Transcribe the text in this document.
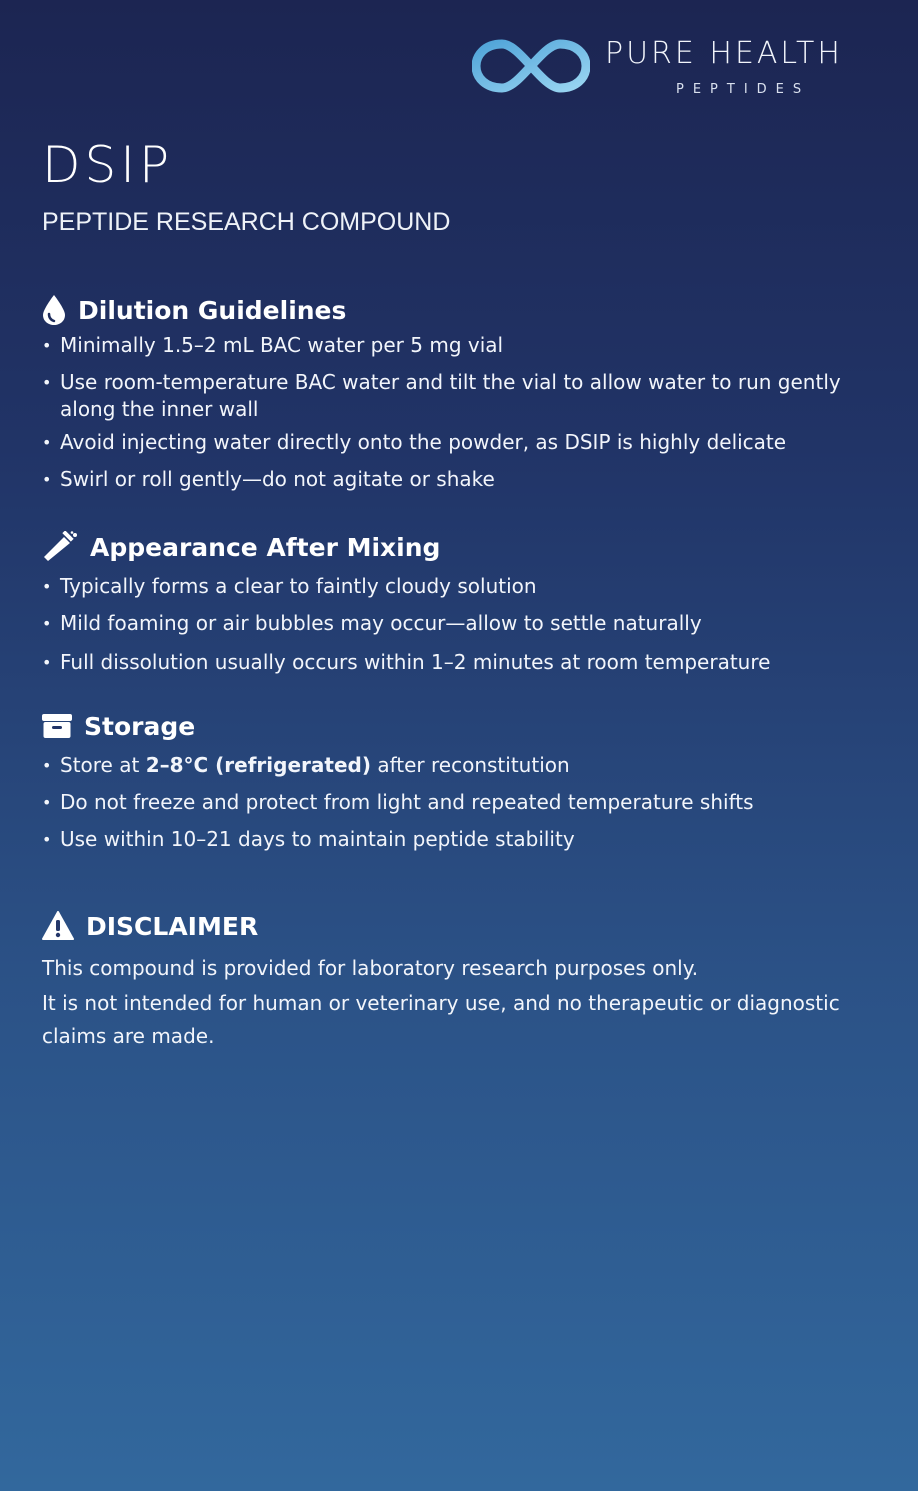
PURE HEALTH
PEPTIDES
DSIP
PEPTIDE RESEARCH COMPOUND
Dilution Guidelines
• Minimally 1.5–2 mL BAC water per 5 mg vial
• Use room-temperature BAC water and tilt the vial to allow water to run gently along the inner wall
• Avoid injecting water directly onto the powder, as DSIP is highly delicate
• Swirl or roll gently—do not agitate or shake
Appearance After Mixing
• Typically forms a clear to faintly cloudy solution
• Mild foaming or air bubbles may occur—allow to settle naturally
• Full dissolution usually occurs within 1–2 minutes at room temperature
Storage
• Store at 2–8°C (refrigerated) after reconstitution
• Do not freeze and protect from light and repeated temperature shifts
• Use within 10–21 days to maintain peptide stability
DISCLAIMER

This compound is provided for laboratory research purposes only.

It is not intended for human or veterinary use, and no therapeutic or diagnostic claims are made.
